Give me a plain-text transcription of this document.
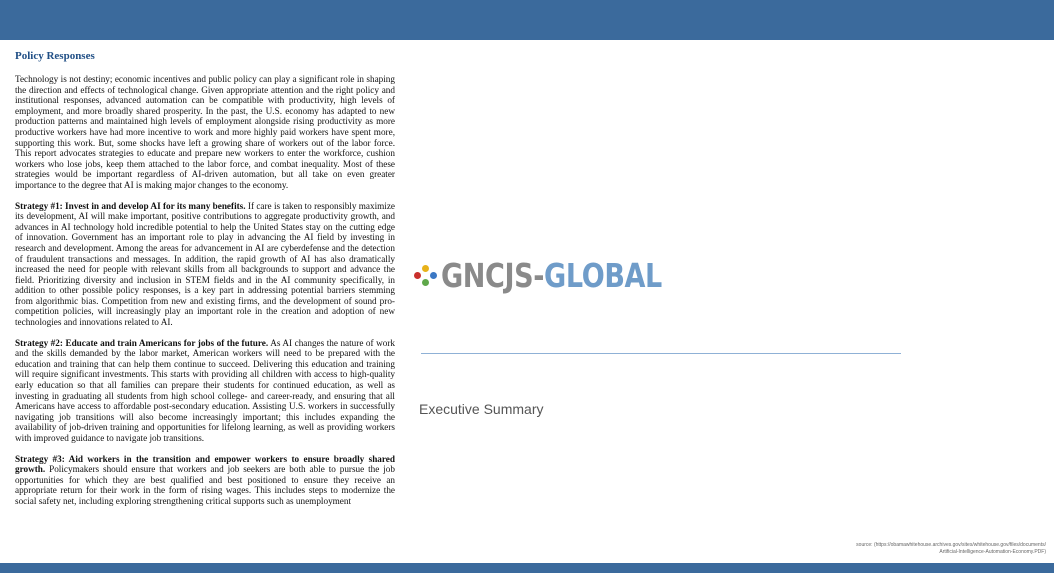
Policy Responses

Technology is not destiny; economic incentives and public policy can play a significant role in shaping the direction and effects of technological change. Given appropriate attention and the right policy and institutional responses, advanced automation can be compatible with productivity, high levels of employment, and more broadly shared prosperity. In the past, the U.S. economy has adapted to new production patterns and maintained high levels of employment alongside rising productivity as more productive workers have had more incentive to work and more highly paid workers have spent more, supporting this work. But, some shocks have left a growing share of workers out of the labor force. This report advocates strategies to educate and prepare new workers to enter the workforce, cushion workers who lose jobs, keep them attached to the labor force, and combat inequality. Most of these strategies would be important regardless of AI-driven automation, but all take on even greater importance to the degree that AI is making major changes to the economy.

Strategy #1: Invest in and develop AI for its many benefits. If care is taken to responsibly maximize its development, AI will make important, positive contributions to aggregate productivity growth, and advances in AI technology hold incredible potential to help the United States stay on the cutting edge of innovation. Government has an important role to play in advancing the AI field by investing in research and development. Among the areas for advancement in AI are cyberdefense and the detection of fraudulent transactions and messages. In addition, the rapid growth of AI has also dramatically increased the need for people with relevant skills from all backgrounds to support and advance the field. Prioritizing diversity and inclusion in STEM fields and in the AI community specifically, in addition to other possible policy responses, is a key part in addressing potential barriers stemming from algorithmic bias. Competition from new and existing firms, and the development of sound pro-competition policies, will increasingly play an important role in the creation and adoption of new technologies and innovations related to AI.

Strategy #2: Educate and train Americans for jobs of the future. As AI changes the nature of work and the skills demanded by the labor market, American workers will need to be prepared with the education and training that can help them continue to succeed. Delivering this education and training will require significant investments. This starts with providing all children with access to high-quality early education so that all families can prepare their students for continued education, as well as investing in graduating all students from high school college- and career-ready, and ensuring that all Americans have access to affordable post-secondary education. Assisting U.S. workers in successfully navigating job transitions will also become increasingly important; this includes expanding the availability of job-driven training and opportunities for lifelong learning, as well as providing workers with improved guidance to navigate job transitions.

Strategy #3: Aid workers in the transition and empower workers to ensure broadly shared growth. Policymakers should ensure that workers and job seekers are both able to pursue the job opportunities for which they are best qualified and best positioned to ensure they receive an appropriate return for their work in the form of rising wages. This includes steps to modernize the social safety net, including exploring strengthening critical supports such as unemployment

GNCJS-GLOBAL
Executive Summary
source: (https://obamawhitehouse.archives.gov/sites/whitehouse.gov/files/documents/
Artificial-Intelligence-Automation-Economy.PDF)
